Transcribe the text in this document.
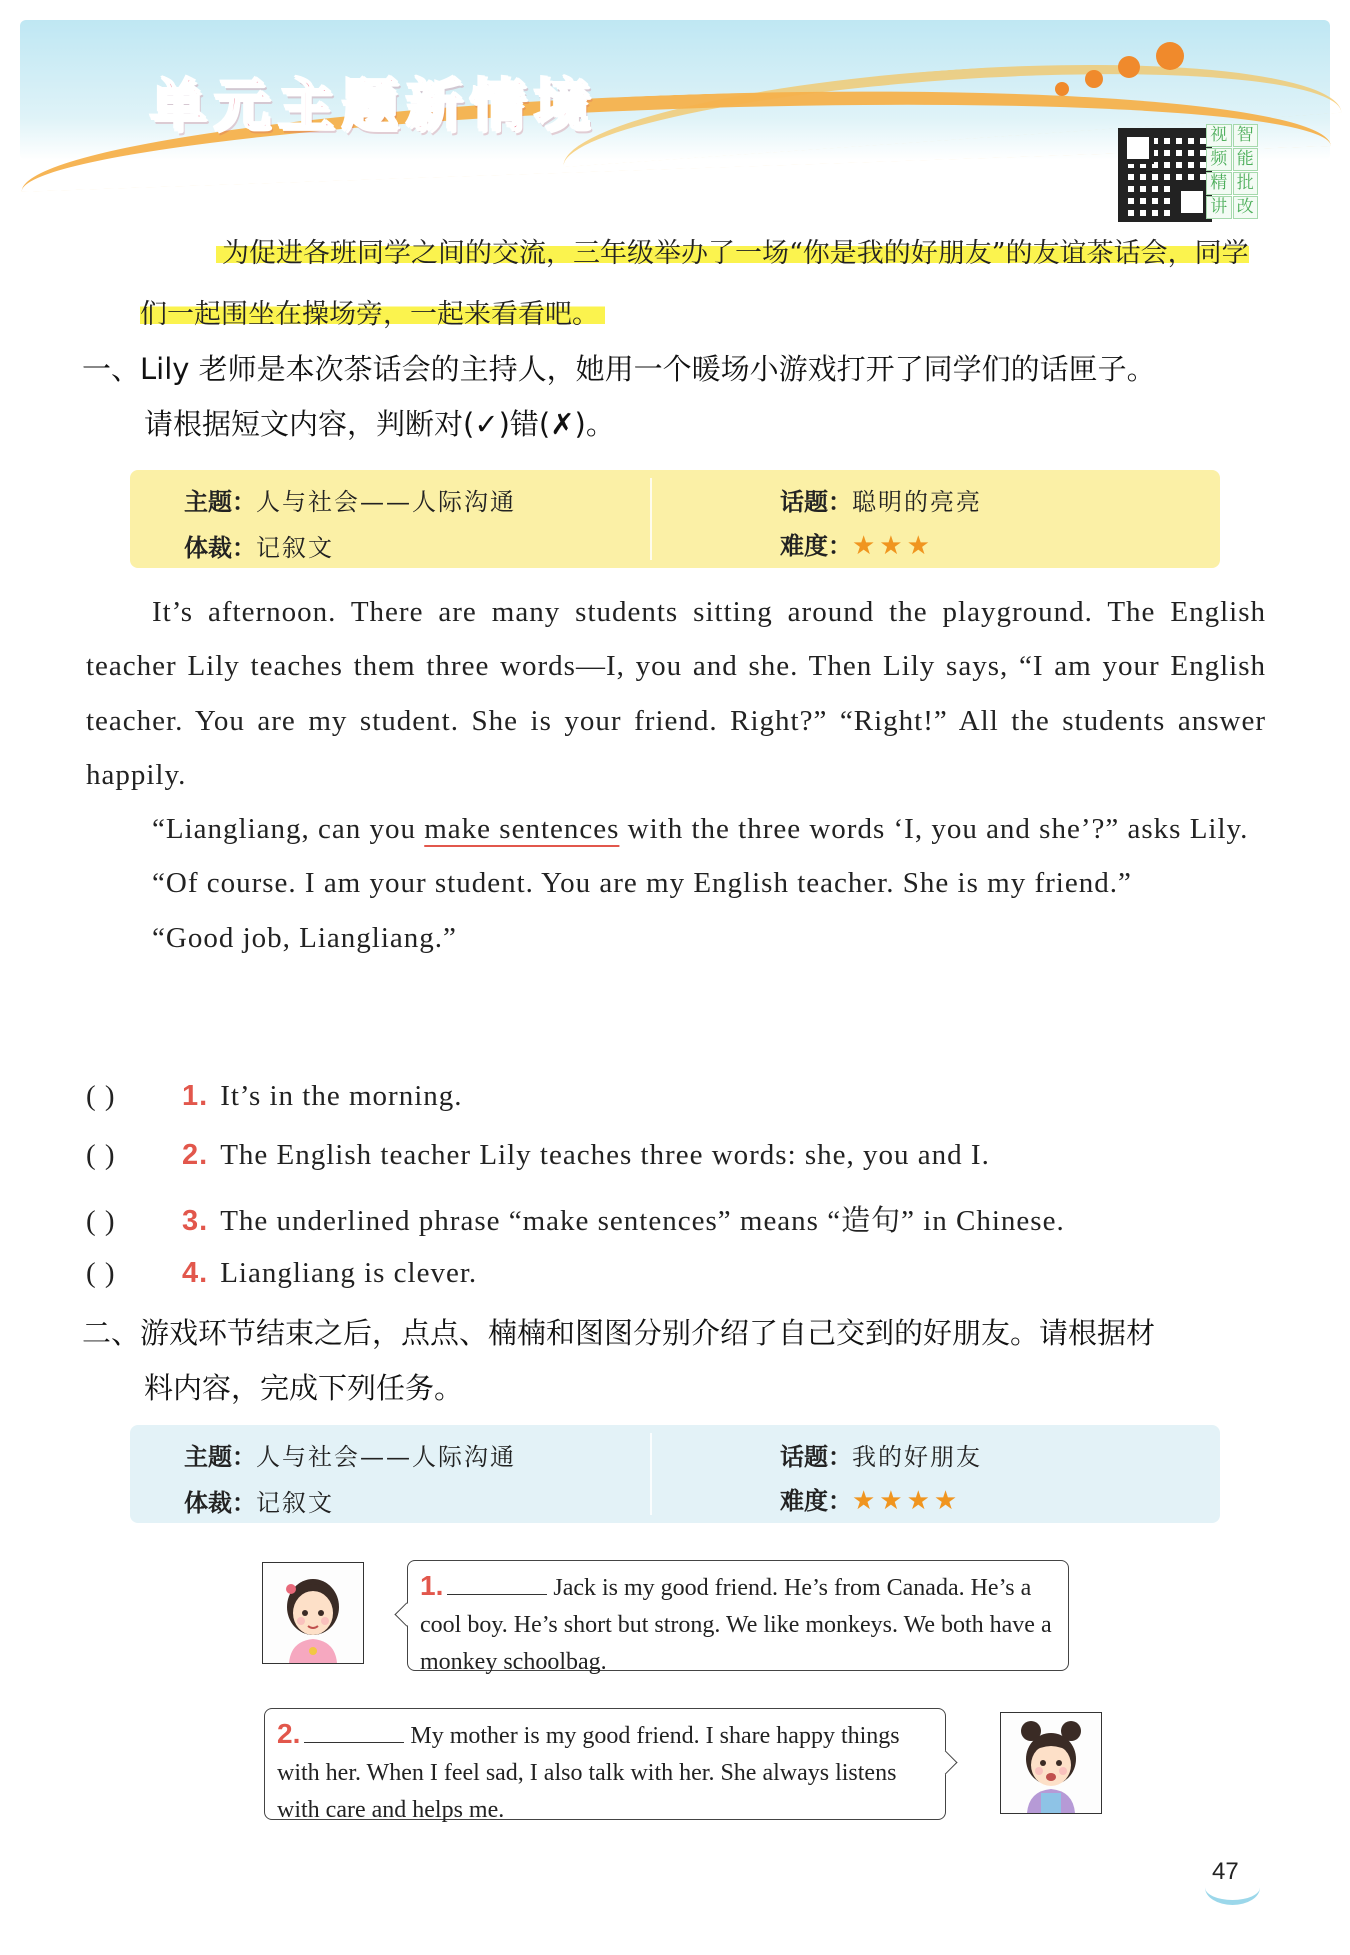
单元主题新情境	视 智
频 能
精 批
讲 改
为促进各班同学之间的交流，三年级举办了一场“你是我的好朋友”的友谊茶话会，同学们一起围坐在操场旁，一起来看看吧。
一、Lily 老师是本次茶话会的主持人，她用一个暖场小游戏打开了同学们的话匣子。
请根据短文内容，判断对(✓)错(✗)。
主题：人与社会——人际沟通	话题：聪明的亮亮
体裁：记叙文	难度：★★★

It’s afternoon. There are many students sitting around the playground. The English teacher Lily teaches them three words—I, you and she. Then Lily says, “I am your English teacher. You are my student. She is your friend. Right?” “Right!” All the students answer happily.

“Liangliang, can you make sentences with the three words ‘I, you and she’?” asks Lily.

“Of course. I am your student. You are my English teacher. She is my friend.”

“Good job, Liangliang.”

( ) 1. It’s in the morning.
( ) 2. The English teacher Lily teaches three words: she, you and I.
( ) 3. The underlined phrase “make sentences” means “造句” in Chinese.
( ) 4. Liangliang is clever.
二、游戏环节结束之后，点点、楠楠和图图分别介绍了自己交到的好朋友。请根据材
料内容，完成下列任务。
主题：人与社会——人际沟通	话题：我的好朋友
体裁：记叙文	难度：★★★★
1.	Jack is my good friend. He’s from Canada. He’s a cool boy. He’s short but strong. We like monkeys. We both have a monkey schoolbag.
2.	My mother is my good friend. I share happy things with her. When I feel sad, I also talk with her. She always listens with care and helps me.
47
